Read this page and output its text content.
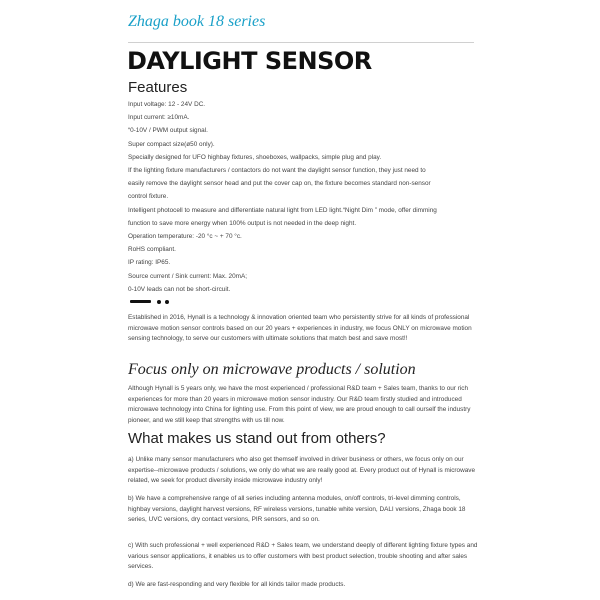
Zhaga book 18 series
DAYLIGHT SENSOR
Features
Input voltage: 12 - 24V DC.
Input current: ≥10mA.
“0-10V / PWM output signal.
Super compact size(ø50 only).
Specially designed for UFO highbay fixtures, shoeboxes, wallpacks, simple plug and play.
If the lighting fixture manufacturers / contactors do not want the daylight sensor function, they just need to
easily remove the daylight sensor head and put the cover cap on, the fixture becomes standard non-sensor
control fixture.
Intelligent photocell to measure and differentiate natural light from LED light.“Night Dim ” mode, offer dimming
function to save more energy when 100% output is not needed in the deep night.
Operation temperature: -20 °c ~ + 70 °c.
RoHS compliant.
IP rating: IP65.
Source current / Sink current: Max. 20mA;
0-10V leads can not be short-circuit.

Established in 2016, Hynall is a technology & innovation oriented team who persistently strive for all kinds of professional microwave motion sensor controls based on our 20 years + experiences in industry, we focus ONLY on microwave motion sensing technology, to serve our customers with ultimate solutions that match best and save most!!

Focus only on microwave products / solution

Although Hynall is 5 years only, we have the most experienced / professional R&D team + Sales team, thanks to our rich experiences for more than 20 years in microwave motion sensor industry. Our R&D team firstly studied and introduced microwave technology into China for lighting use. From this point of view, we are proud enough to call ourself the industry pioneer, and we still keep that strengths with us till now.

What makes us stand out from others?

a) Unlike many sensor manufacturers who also get themself involved in driver business or others, we focus only on our expertise--microwave products / solutions, we only do what we are really good at. Every product out of Hynall is microwave related, we seek for product diversity inside microwave industry only!

b) We have a comprehensive range of all series including antenna modules, on/off controls, tri-level dimming controls, highbay versions, daylight harvest versions, RF wireless versions, tunable white version, DALI versions, Zhaga book 18 series, UVC versions, dry contact versions, PIR sensors, and so on.

c) With such professional + well experienced R&D + Sales team, we understand deeply of different lighting fixture types and various sensor applications, it enables us to offer customers with best product selection, trouble shooting and after sales services.

d) We are fast-responding and very flexible for all kinds tailor made products.
